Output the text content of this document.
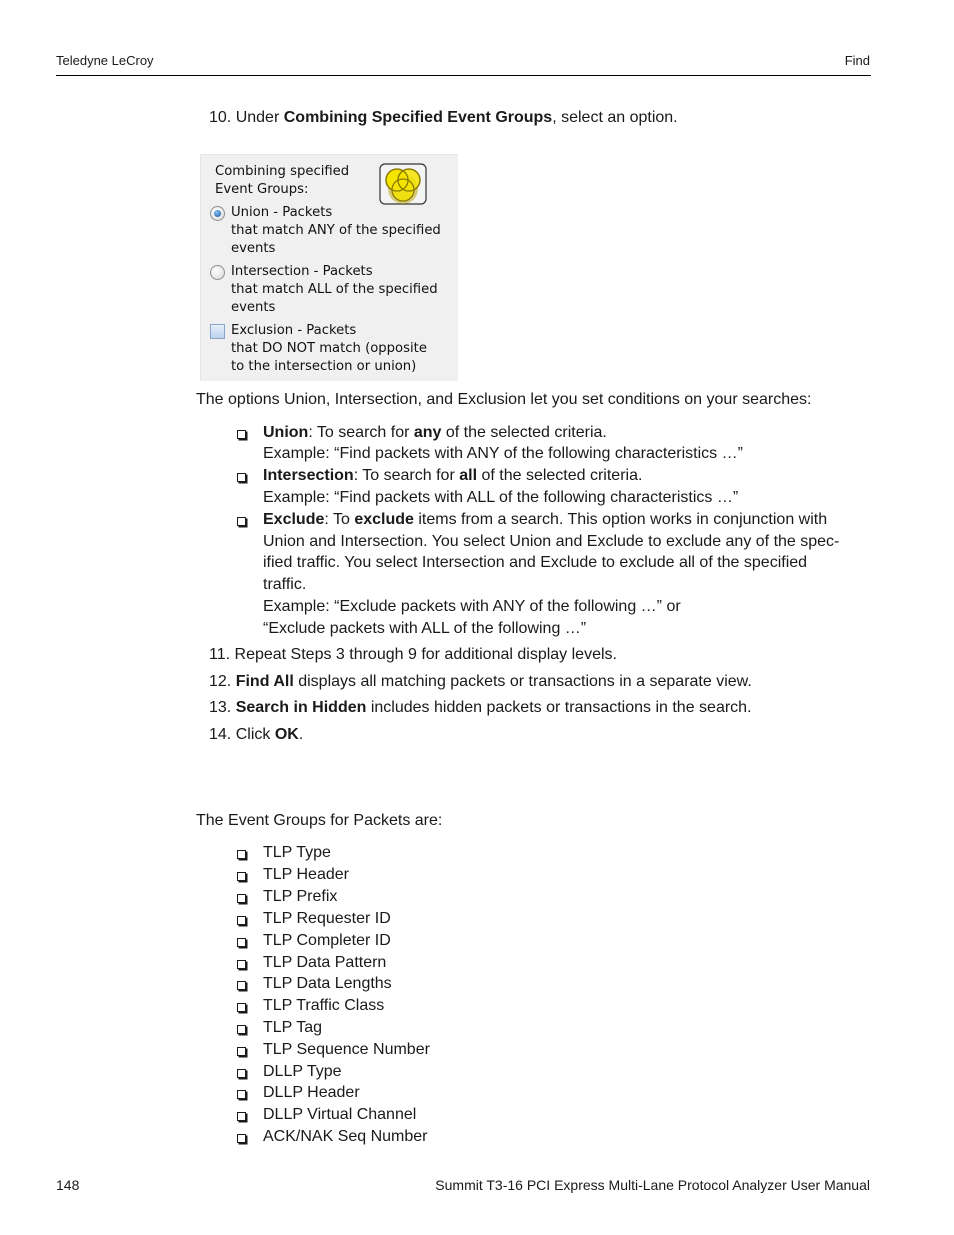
Teledyne LeCroy	Find
10. Under Combining Specified Event Groups, select an option.
Combining specified
Event Groups:
Union - Packets
that match ANY of the specified
events
Intersection - Packets
that match ALL of the specified
events
Exclusion - Packets
that DO NOT match (opposite
to the intersection or union)
The options Union, Intersection, and Exclusion let you set conditions on your searches:
Union: To search for any of the selected criteria.
Example: “Find packets with ANY of the following characteristics …”
Intersection: To search for all of the selected criteria.
Example: “Find packets with ALL of the following characteristics …”
Exclude: To exclude items from a search. This option works in conjunction with
Union and Intersection. You select Union and Exclude to exclude any of the spec-
ified traffic. You select Intersection and Exclude to exclude all of the specified
traffic.
Example: “Exclude packets with ANY of the following …” or
“Exclude packets with ALL of the following …”
11. Repeat Steps 3 through 9 for additional display levels.
12. Find All displays all matching packets or transactions in a separate view.
13. Search in Hidden includes hidden packets or transactions in the search.
14. Click OK.
The Event Groups for Packets are:
TLP Type
TLP Header
TLP Prefix
TLP Requester ID
TLP Completer ID
TLP Data Pattern
TLP Data Lengths
TLP Traffic Class
TLP Tag
TLP Sequence Number
DLLP Type
DLLP Header
DLLP Virtual Channel
ACK/NAK Seq Number
148	Summit T3-16 PCI Express Multi-Lane Protocol Analyzer User Manual
